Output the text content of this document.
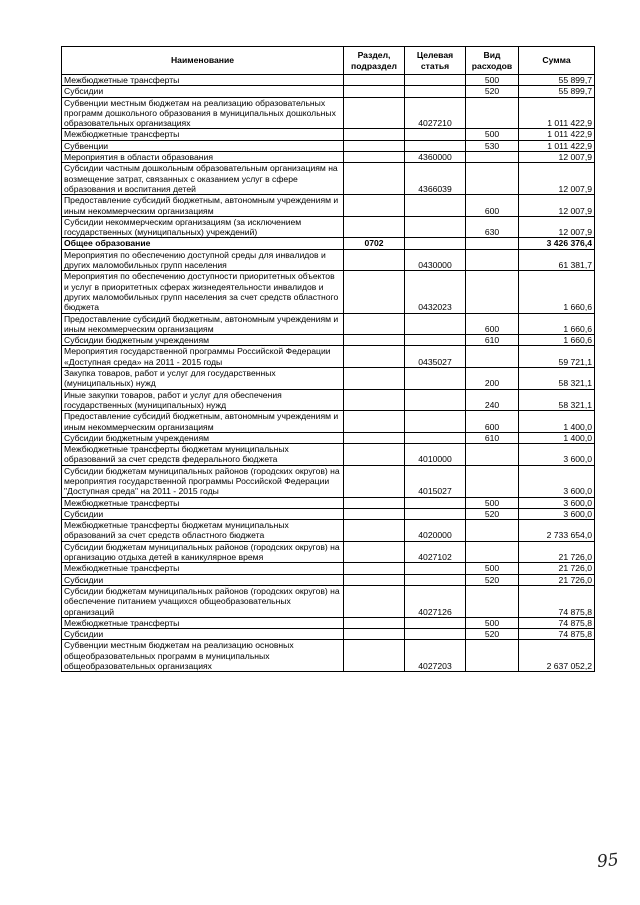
Наименование	Раздел, подраздел	Целевая статья	Вид расходов	Сумма
Межбюджетные трансферты			500	55 899,7
Субсидии			520	55 899,7
Субвенции местным бюджетам на реализацию образовательных программ дошкольного образования в муниципальных дошкольных образовательных организациях		4027210		1 011 422,9
Межбюджетные трансферты			500	1 011 422,9
Субвенции			530	1 011 422,9
Мероприятия в области образования		4360000		12 007,9
Субсидии частным дошкольным образовательным организациям на возмещение затрат, связанных с оказанием услуг в сфере образования и воспитания детей		4366039		12 007,9
Предоставление субсидий бюджетным, автономным учреждениям и иным некоммерческим организациям			600	12 007,9
Субсидии некоммерческим организациям (за исключением государственных (муниципальных) учреждений)			630	12 007,9
Общее образование	0702			3 426 376,4
Мероприятия по обеспечению доступной среды для инвалидов и других маломобильных групп населения		0430000		61 381,7
Мероприятия по обеспечению доступности приоритетных объектов и услуг в приоритетных сферах жизнедеятельности инвалидов и других маломобильных групп населения за счет средств областного бюджета		0432023		1 660,6
Предоставление субсидий бюджетным, автономным учреждениям и иным некоммерческим организациям			600	1 660,6
Субсидии бюджетным учреждениям			610	1 660,6
Мероприятия государственной программы Российской Федерации «Доступная среда» на 2011 - 2015 годы		0435027		59 721,1
Закупка товаров, работ и услуг для государственных (муниципальных) нужд			200	58 321,1
Иные закупки товаров, работ и услуг для обеспечения государственных (муниципальных) нужд			240	58 321,1
Предоставление субсидий бюджетным, автономным учреждениям и иным некоммерческим организациям			600	1 400,0
Субсидии бюджетным учреждениям			610	1 400,0
Межбюджетные трансферты бюджетам муниципальных образований за счет средств федерального бюджета		4010000		3 600,0
Субсидии бюджетам муниципальных районов (городских округов) на мероприятия государственной программы Российской Федерации "Доступная среда" на 2011 - 2015 годы		4015027		3 600,0
Межбюджетные трансферты			500	3 600,0
Субсидии			520	3 600,0
Межбюджетные трансферты бюджетам муниципальных образований за счет средств областного бюджета		4020000		2 733 654,0
Субсидии бюджетам муниципальных районов (городских округов) на организацию отдыха детей в каникулярное время		4027102		21 726,0
Межбюджетные трансферты			500	21 726,0
Субсидии			520	21 726,0
Субсидии бюджетам муниципальных районов (городских округов) на обеспечение питанием учащихся общеобразовательных организаций		4027126		74 875,8
Межбюджетные трансферты			500	74 875,8
Субсидии			520	74 875,8
Субвенции местным бюджетам на реализацию основных общеобразовательных программ в муниципальных общеобразовательных организациях		4027203		2 637 052,2
95
